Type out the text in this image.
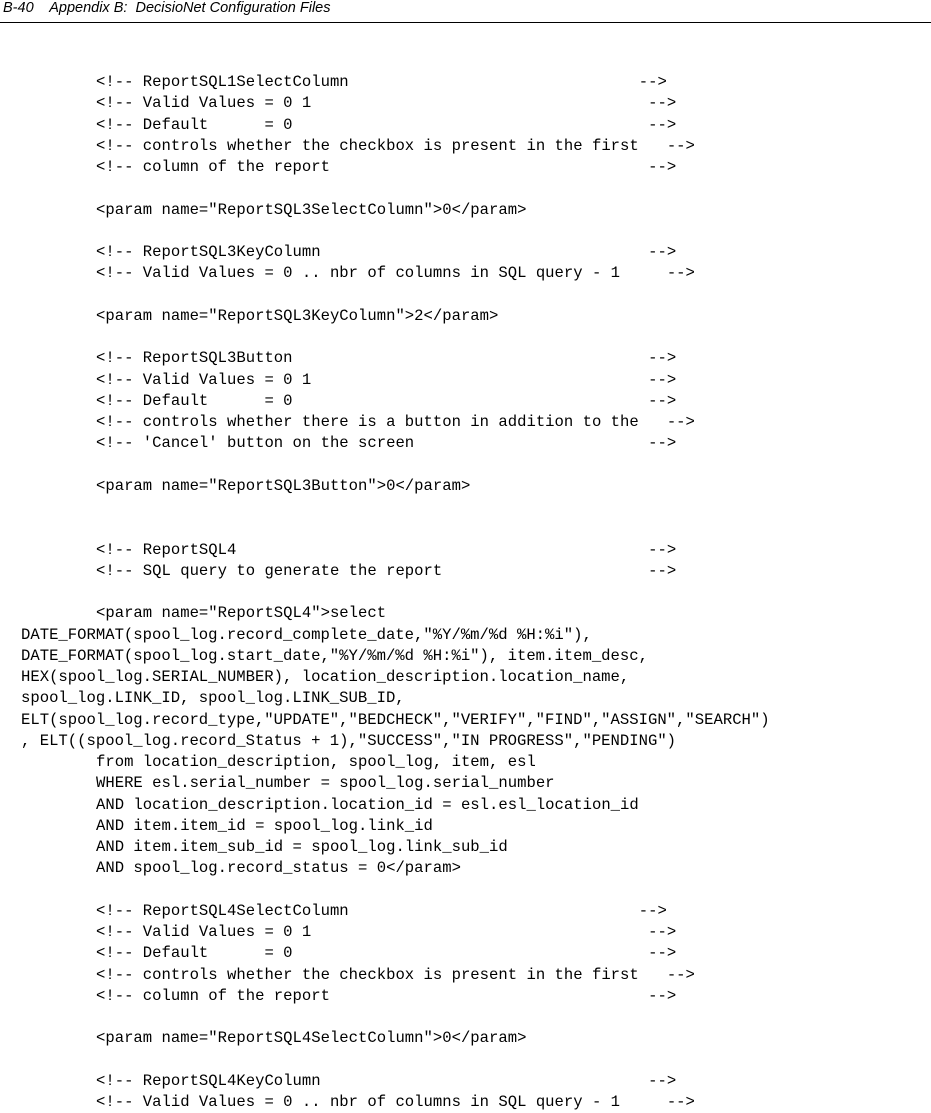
B-40 Appendix B:  DecisioNet Configuration Files
<!-- ReportSQL1SelectColumn                               -->
<!-- Valid Values = 0 1                                    -->
<!-- Default      = 0                                      -->
<!-- controls whether the checkbox is present in the first   -->
<!-- column of the report                                  -->
<param name="ReportSQL3SelectColumn">0</param>
<!-- ReportSQL3KeyColumn                                   -->
<!-- Valid Values = 0 .. nbr of columns in SQL query - 1     -->
<param name="ReportSQL3KeyColumn">2</param>
<!-- ReportSQL3Button                                      -->
<!-- Valid Values = 0 1                                    -->
<!-- Default      = 0                                      -->
<!-- controls whether there is a button in addition to the   -->
<!-- 'Cancel' button on the screen                         -->
<param name="ReportSQL3Button">0</param>
<!-- ReportSQL4                                            -->
<!-- SQL query to generate the report                      -->
<param name="ReportSQL4">select
DATE_FORMAT(spool_log.record_complete_date,"%Y/%m/%d %H:%i"),
DATE_FORMAT(spool_log.start_date,"%Y/%m/%d %H:%i"), item.item_desc,
HEX(spool_log.SERIAL_NUMBER), location_description.location_name,
spool_log.LINK_ID, spool_log.LINK_SUB_ID,
ELT(spool_log.record_type,"UPDATE","BEDCHECK","VERIFY","FIND","ASSIGN","SEARCH")
, ELT((spool_log.record_Status + 1),"SUCCESS","IN PROGRESS","PENDING")
from location_description, spool_log, item, esl
WHERE esl.serial_number = spool_log.serial_number
AND location_description.location_id = esl.esl_location_id
AND item.item_id = spool_log.link_id
AND item.item_sub_id = spool_log.link_sub_id
AND spool_log.record_status = 0</param>
<!-- ReportSQL4SelectColumn                               -->
<!-- Valid Values = 0 1                                    -->
<!-- Default      = 0                                      -->
<!-- controls whether the checkbox is present in the first   -->
<!-- column of the report                                  -->
<param name="ReportSQL4SelectColumn">0</param>
<!-- ReportSQL4KeyColumn                                   -->
<!-- Valid Values = 0 .. nbr of columns in SQL query - 1     -->
